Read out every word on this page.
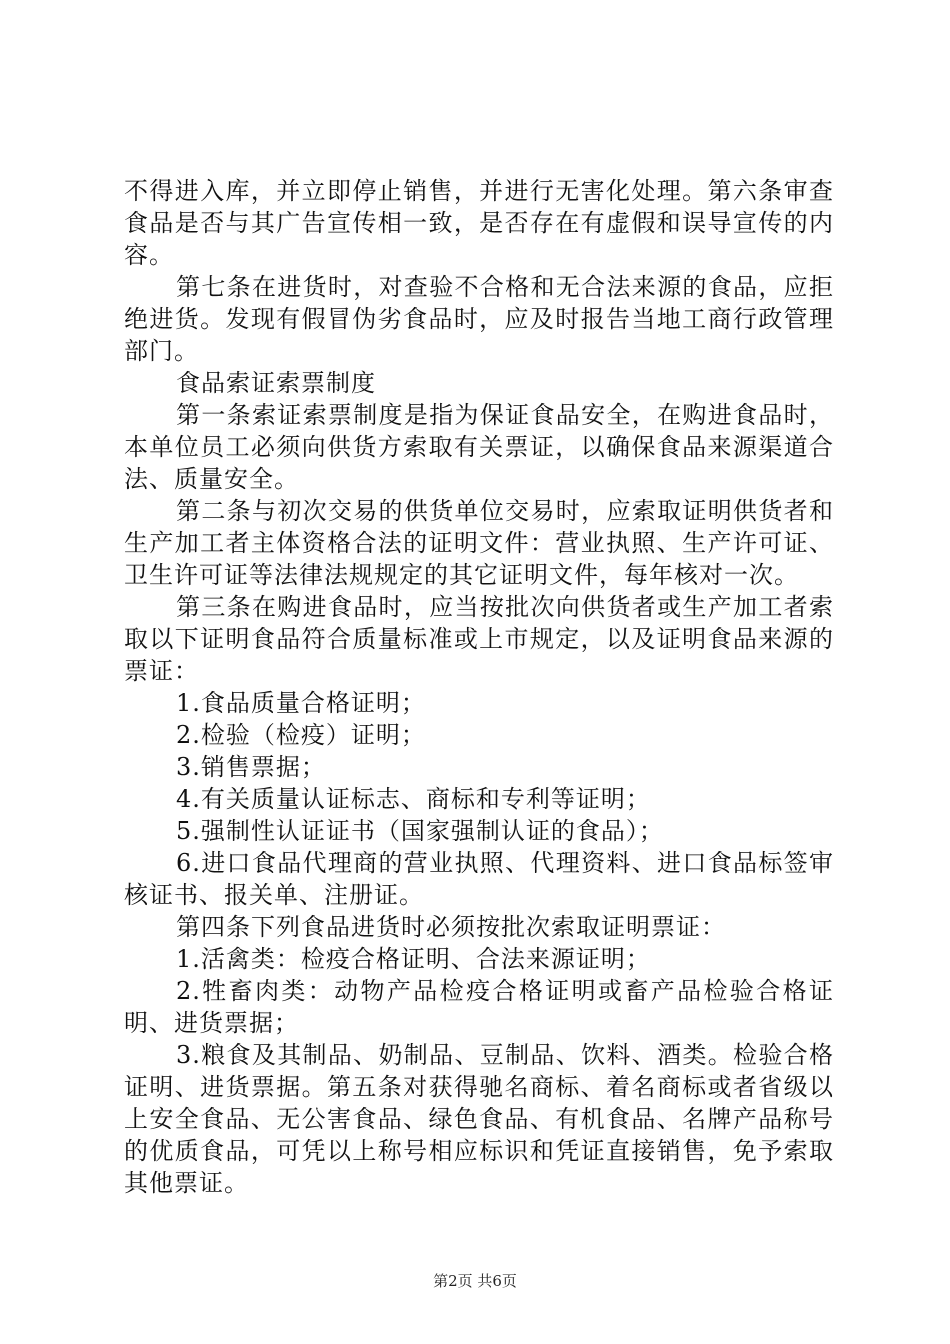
不得进入库，并立即停止销售，并进行无害化处理。第六条审查食品是否与其广告宣传相一致，是否存在有虚假和误导宣传的内容。

第七条在进货时，对查验不合格和无合法来源的食品，应拒绝进货。发现有假冒伪劣食品时，应及时报告当地工商行政管理部门。

食品索证索票制度

第一条索证索票制度是指为保证食品安全，在购进食品时，本单位员工必须向供货方索取有关票证，以确保食品来源渠道合法、质量安全。

第二条与初次交易的供货单位交易时，应索取证明供货者和生产加工者主体资格合法的证明文件：营业执照、生产许可证、卫生许可证等法律法规规定的其它证明文件，每年核对一次。

第三条在购进食品时，应当按批次向供货者或生产加工者索取以下证明食品符合质量标准或上市规定，以及证明食品来源的票证：

1.食品质量合格证明；

2.检验（检疫）证明；

3.销售票据；

4.有关质量认证标志、商标和专利等证明；

5.强制性认证证书（国家强制认证的食品）；

6.进口食品代理商的营业执照、代理资料、进口食品标签审核证书、报关单、注册证。

第四条下列食品进货时必须按批次索取证明票证：

1.活禽类：检疫合格证明、合法来源证明；

2.牲畜肉类：动物产品检疫合格证明或畜产品检验合格证明、进货票据；

3.粮食及其制品、奶制品、豆制品、饮料、酒类。检验合格证明、进货票据。第五条对获得驰名商标、着名商标或者省级以上安全食品、无公害食品、绿色食品、有机食品、名牌产品称号的优质食品，可凭以上称号相应标识和凭证直接销售，免予索取其他票证。

第2页 共6页
